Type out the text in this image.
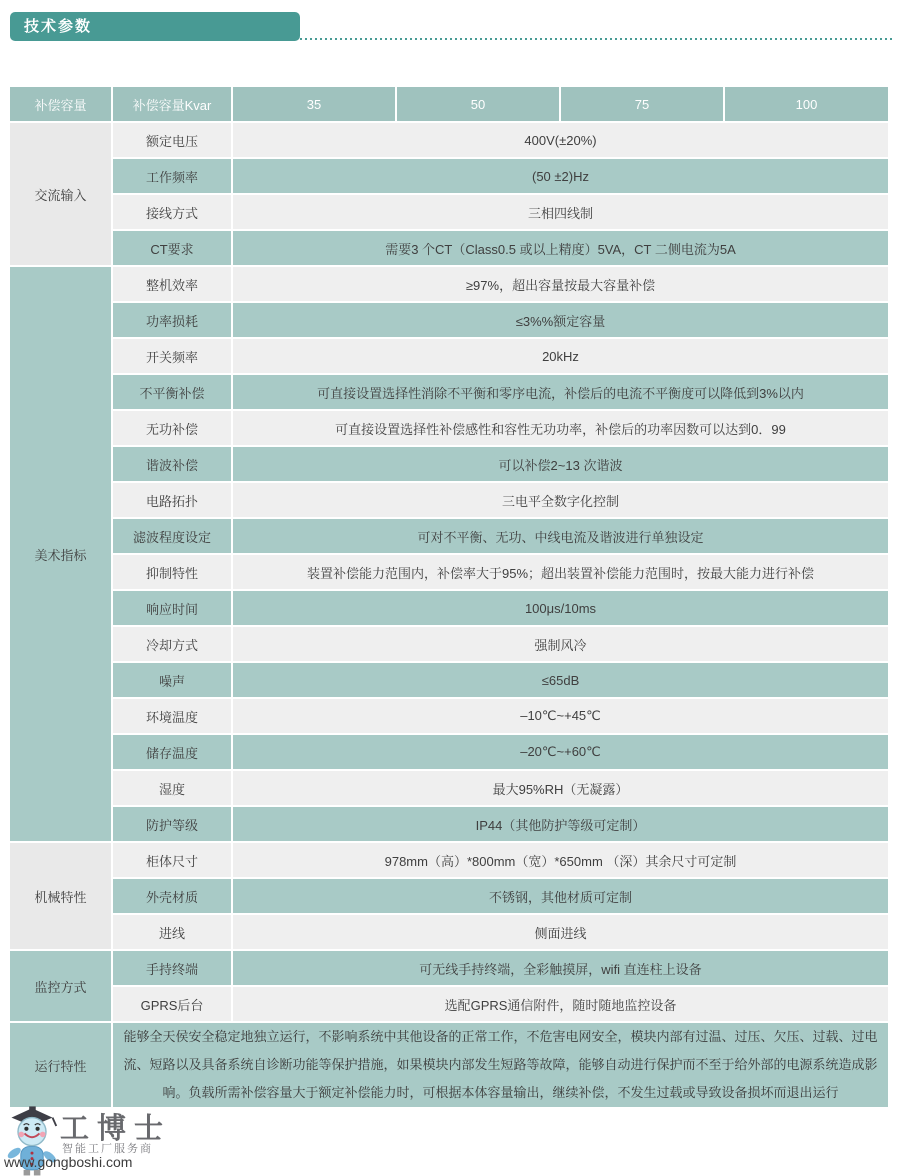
技术参数
补偿容量	补偿容量Kvar	35	50	75	100
交流输入	额定电压	400V(±20%)			
	工作频率	(50 ±2)Hz			
	接线方式	三相四线制			
	CT要求	需要3 个CT（Class0.5 或以上精度）5VA，CT 二侧电流为5A			
美术指标	整机效率	≥97%，超出容量按最大容量补偿			
	功率损耗	≤3%%额定容量			
	开关频率	20kHz			
	不平衡补偿	可直接设置选择性消除不平衡和零序电流，补偿后的电流不平衡度可以降低到3%以内			
	无功补偿	可直接设置选择性补偿感性和容性无功功率，补偿后的功率因数可以达到0．99			
	谐波补偿	可以补偿2~13 次谐波			
	电路拓扑	三电平全数字化控制			
	滤波程度设定	可对不平衡、无功、中线电流及谐波进行单独设定			
	抑制特性	装置补偿能力范围内，补偿率大于95%；超出装置补偿能力范围时，按最大能力进行补偿			
	响应时间	100μs/10ms			
	冷却方式	强制风冷			
	噪声	≤65dB			
	环境温度	–10℃~+45℃			
	储存温度	–20℃~+60℃			
	湿度	最大95%RH（无凝露）			
	防护等级	IP44（其他防护等级可定制）			
机械特性	柜体尺寸	978mm（高）*800mm（宽）*650mm （深）其余尺寸可定制			
	外壳材质	不锈钢，其他材质可定制			
	进线	侧面进线			
监控方式	手持终端	可无线手持终端，全彩触摸屏，wifi 直连柱上设备			
	GPRS后台	选配GPRS通信附件，随时随地监控设备			
运行特性	能够全天侯安全稳定地独立运行，不影响系统中其他设备的正常工作，不危害电网安全，模块内部有过温、过压、欠压、过载、过电流、短路以及具备系统自诊断功能等保护措施，如果模块内部发生短路等故障，能够自动进行保护而不至于给外部的电源系统造成影响。负载所需补偿容量大于额定补偿能力时，可根据本体容量输出，继续补偿，不发生过载或导致设备损坏而退出运行				
工博士
智能工厂服务商
www.gongboshi.com
